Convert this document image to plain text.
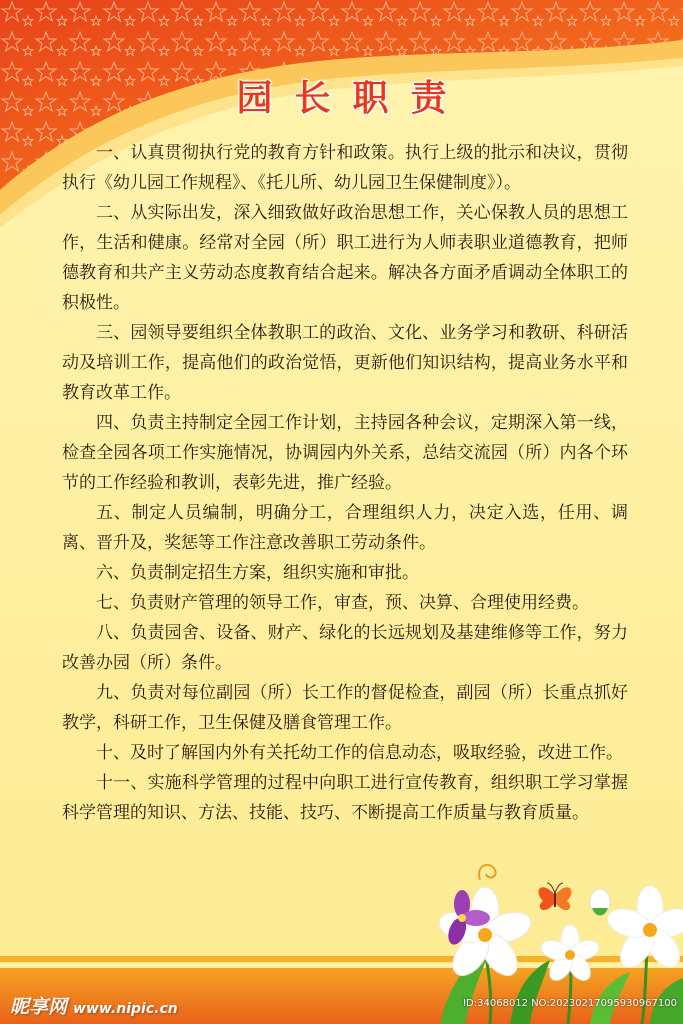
园长职责

一、认真贯彻执行党的教育方针和政策。执行上级的批示和决议，贯彻执行《幼儿园工作规程》、《托儿所、幼儿园卫生保健制度》）。

二、从实际出发，深入细致做好政治思想工作，关心保教人员的思想工作，生活和健康。经常对全园（所）职工进行为人师表职业道德教育，把师德教育和共产主义劳动态度教育结合起来。解决各方面矛盾调动全体职工的积极性。

三、园领导要组织全体教职工的政治、文化、业务学习和教研、科研活动及培训工作，提高他们的政治觉悟，更新他们知识结构，提高业务水平和教育改革工作。

四、负责主持制定全园工作计划，主持园各种会议，定期深入第一线，检查全园各项工作实施情况，协调园内外关系，总结交流园（所）内各个环节的工作经验和教训，表彰先进，推广经验。

五、制定人员编制，明确分工，合理组织人力，决定入选，任用、调离、晋升及，奖惩等工作注意改善职工劳动条件。

六、负责制定招生方案，组织实施和审批。

七、负责财产管理的领导工作，审查，预、决算、合理使用经费。

八、负责园舍、设备、财产、绿化的长远规划及基建维修等工作，努力改善办园（所）条件。

九、负责对每位副园（所）长工作的督促检查，副园（所）长重点抓好教学，科研工作，卫生保健及膳食管理工作。

十、及时了解国内外有关托幼工作的信息动态，吸取经验，改进工作。

十一、实施科学管理的过程中向职工进行宣传教育，组织职工学习掌握科学管理的知识、方法、技能、技巧、不断提高工作质量与教育质量。

昵享网 www.nipic.cn	ID:34068012 NO:20230217095930967100
